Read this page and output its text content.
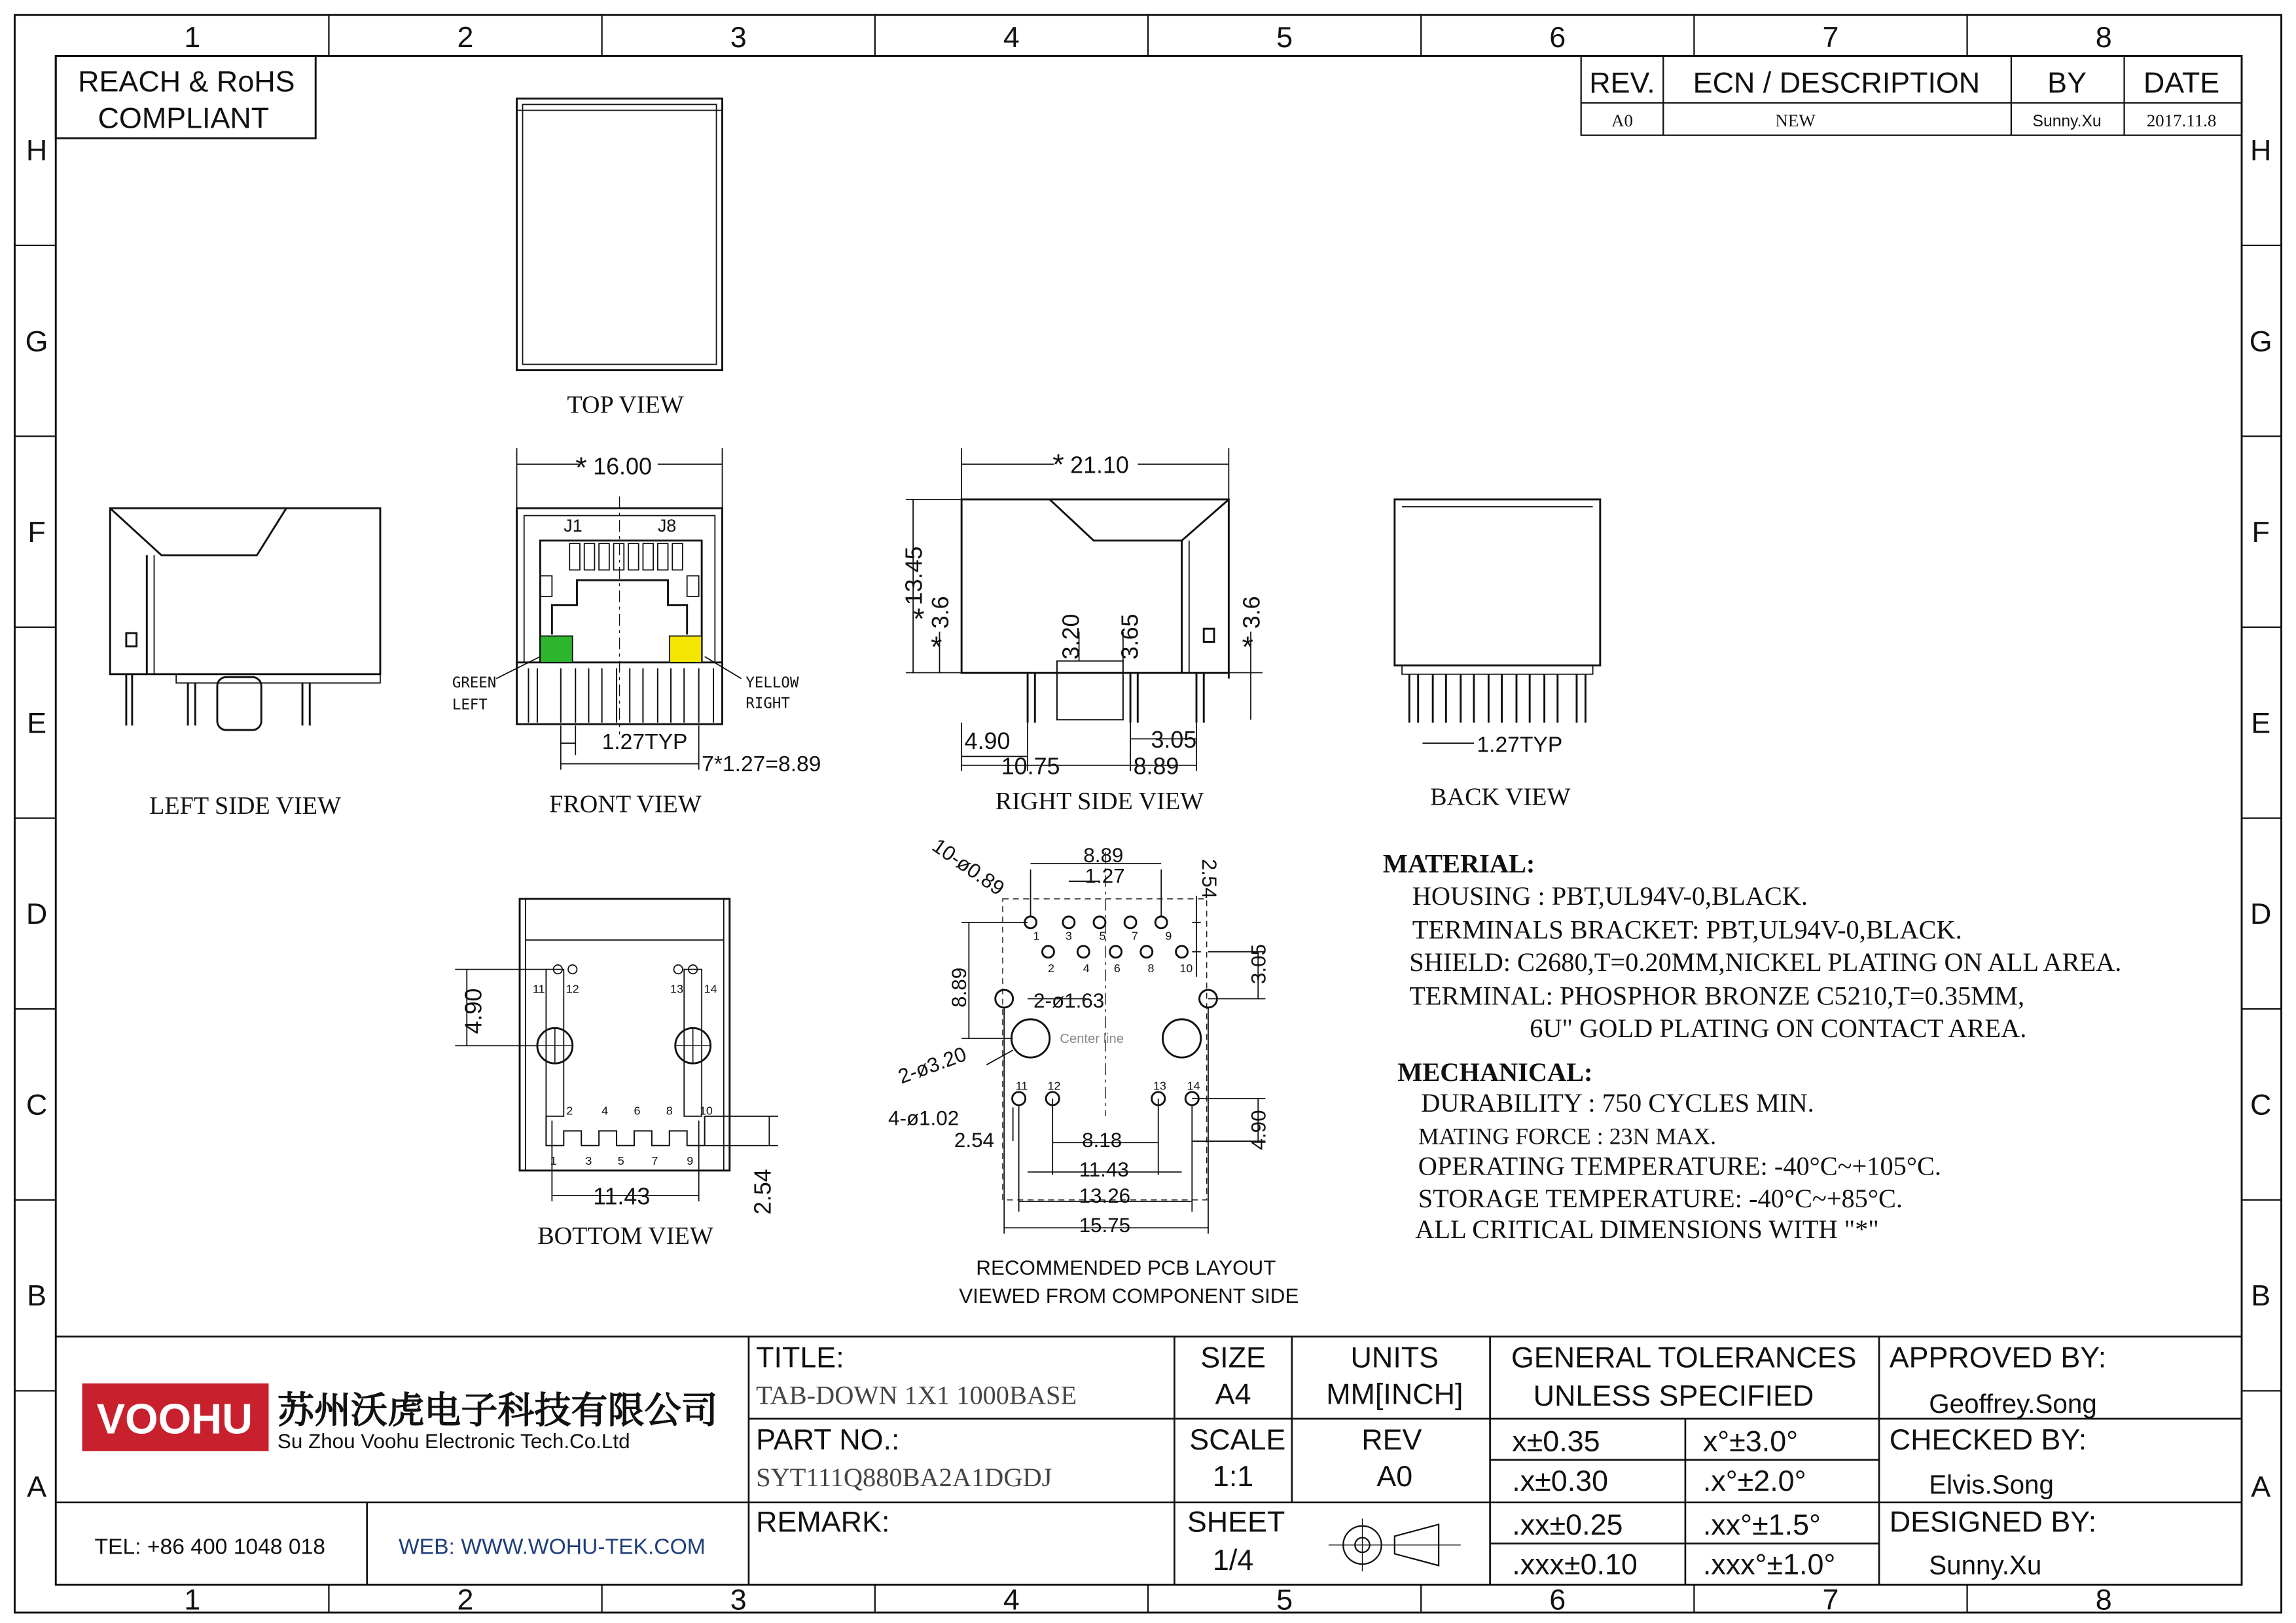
VOOHU
1	2	3	4	5	6	7	8
1	2	3	4	5	6	7	8
H
G
F
E
D
C
B
A
H
G
F
E
D
C
B
A
REACH & RoHS
COMPLIANT
REV.	ECN / DESCRIPTION	BY	DATE
A0	NEW	Sunny.Xu	2017.11.8
TOP VIEW
LEFT SIDE VIEW	FRONT VIEW	RIGHT SIDE VIEW	BACK VIEW
BOTTOM VIEW
RECOMMENDED PCB LAYOUT
VIEWED FROM COMPONENT SIDE
16.00
*
J1	J8
GREEN
LEFT
YELLOW
RIGHT
1.27TYP
7*1.27=8.89
21.10
*
13.45
* 3.6
*
3.6
*
3.20	3.65
4.90	3.05
10.75	8.89
1.27TYP
4.90
11.43	2.54
2	4	6	8	10
1	3	5	7	9
11	12	13	14
10-ø0.89	8.89
1.27	2.54
8.89
3.05
2-ø1.63
Center line
2-ø3.20
4-ø1.02
2.54	8.18
11.43
13.26
15.75
4.90
1	3	5	7	9
2	4	6	8	10
11	12	13	14
MATERIAL:
HOUSING : PBT,UL94V-0,BLACK.
TERMINALS BRACKET: PBT,UL94V-0,BLACK.
SHIELD: C2680,T=0.20MM,NICKEL PLATING ON ALL AREA.
TERMINAL: PHOSPHOR BRONZE C5210,T=0.35MM,
6U" GOLD PLATING ON CONTACT AREA.
MECHANICAL:
DURABILITY : 750 CYCLES MIN.
MATING FORCE : 23N MAX.
OPERATING TEMPERATURE: -40°C~+105°C.
STORAGE TEMPERATURE: -40°C~+85°C.
ALL CRITICAL DIMENSIONS WITH "*"
苏州沃虎电子科技有限公司
Su Zhou Voohu Electronic Tech.Co.Ltd
TEL: +86 400 1048 018	WEB: WWW.WOHU-TEK.COM
TITLE:
PART NO.:
REMARK:
TAB-DOWN 1X1 1000BASE
SYT111Q880BA2A1DGDJ
SIZE
A4
SCALE
1:1
SHEET
1/4
UNITS
MM[INCH]
REV
A0
GENERAL TOLERANCES
UNLESS SPECIFIED
x±0.35	x°±3.0°
.x±0.30	.x°±2.0°
.xx±0.25	.xx°±1.5°
.xxx±0.10	.xxx°±1.0°
APPROVED BY:
Geoffrey.Song
CHECKED BY:
Elvis.Song
DESIGNED BY:
Sunny.Xu
